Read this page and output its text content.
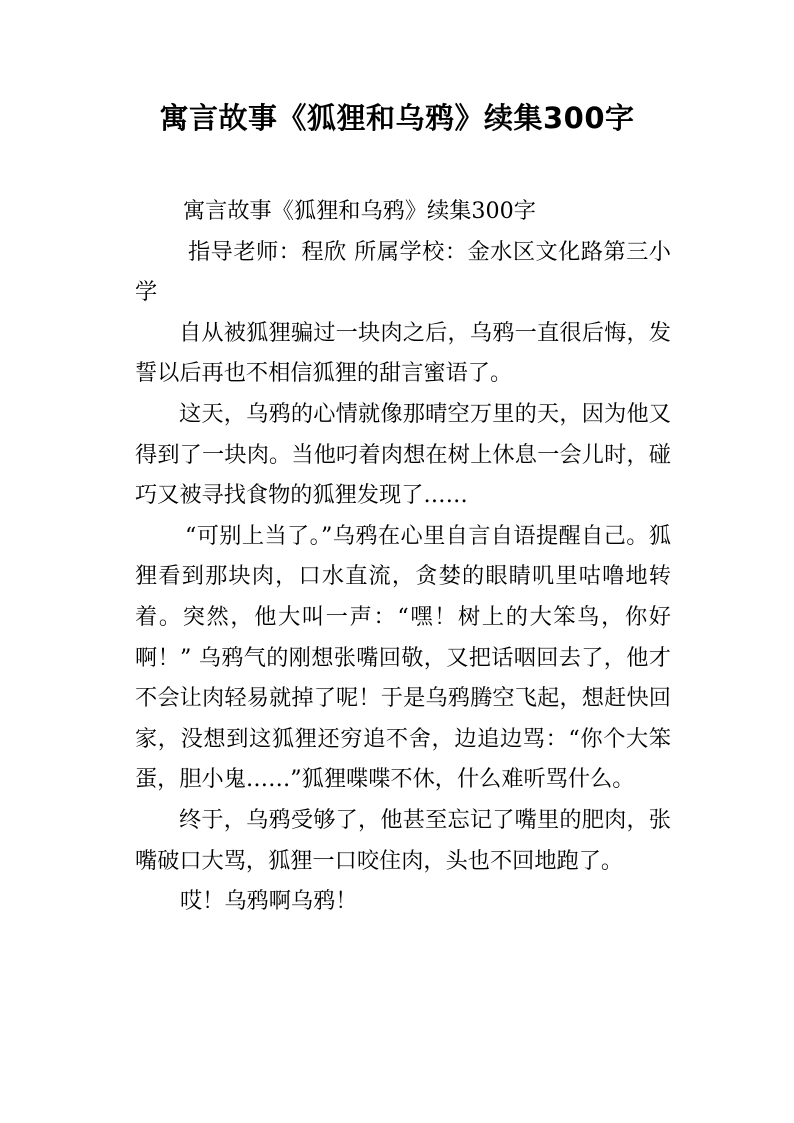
寓言故事《狐狸和乌鸦》续集300字

寓言故事《狐狸和乌鸦》续集300字

指导老师：程欣 所属学校：金水区文化路第三小学

自从被狐狸骗过一块肉之后，乌鸦一直很后悔，发誓以后再也不相信狐狸的甜言蜜语了。

这天，乌鸦的心情就像那晴空万里的天，因为他又得到了一块肉。当他叼着肉想在树上休息一会儿时，碰巧又被寻找食物的狐狸发现了……

“可别上当了。”乌鸦在心里自言自语提醒自己。狐狸看到那块肉，口水直流，贪婪的眼睛叽里咕噜地转着。突然，他大叫一声：“嘿！树上的大笨鸟，你好啊！” 乌鸦气的刚想张嘴回敬，又把话咽回去了，他才不会让肉轻易就掉了呢！于是乌鸦腾空飞起，想赶快回家，没想到这狐狸还穷追不舍，边追边骂：“你个大笨蛋，胆小鬼……”狐狸喋喋不休，什么难听骂什么。

终于，乌鸦受够了，他甚至忘记了嘴里的肥肉，张嘴破口大骂，狐狸一口咬住肉，头也不回地跑了。

哎！乌鸦啊乌鸦！
